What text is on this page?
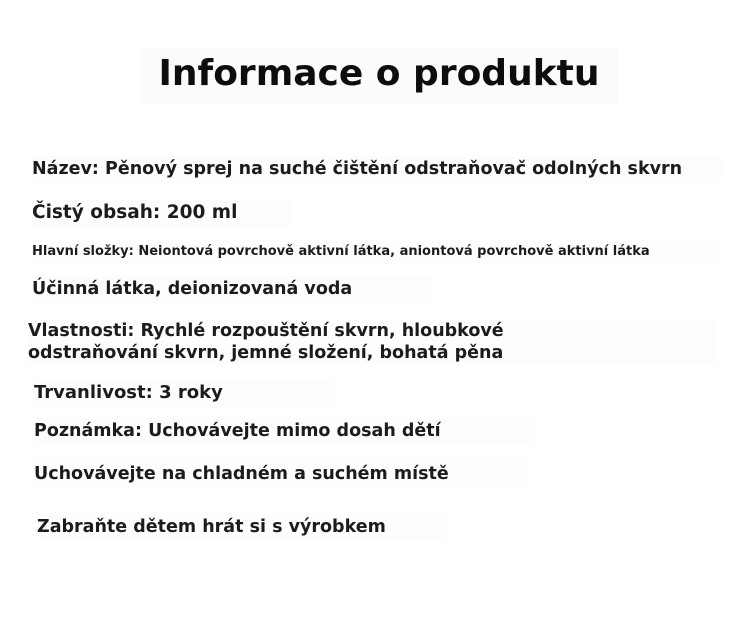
Informace o produktu
Název: Pěnový sprej na suché čištění odstraňovač odolných skvrn
Čistý obsah: 200 ml
Hlavní složky: Neiontová povrchově aktivní látka, aniontová povrchově aktivní látka
Účinná látka, deionizovaná voda
Vlastnosti: Rychlé rozpouštění skvrn, hloubkové
odstraňování skvrn, jemné složení, bohatá pěna
Trvanlivost: 3 roky
Poznámka: Uchovávejte mimo dosah dětí
Uchovávejte na chladném a suchém místě
Zabraňte dětem hrát si s výrobkem
